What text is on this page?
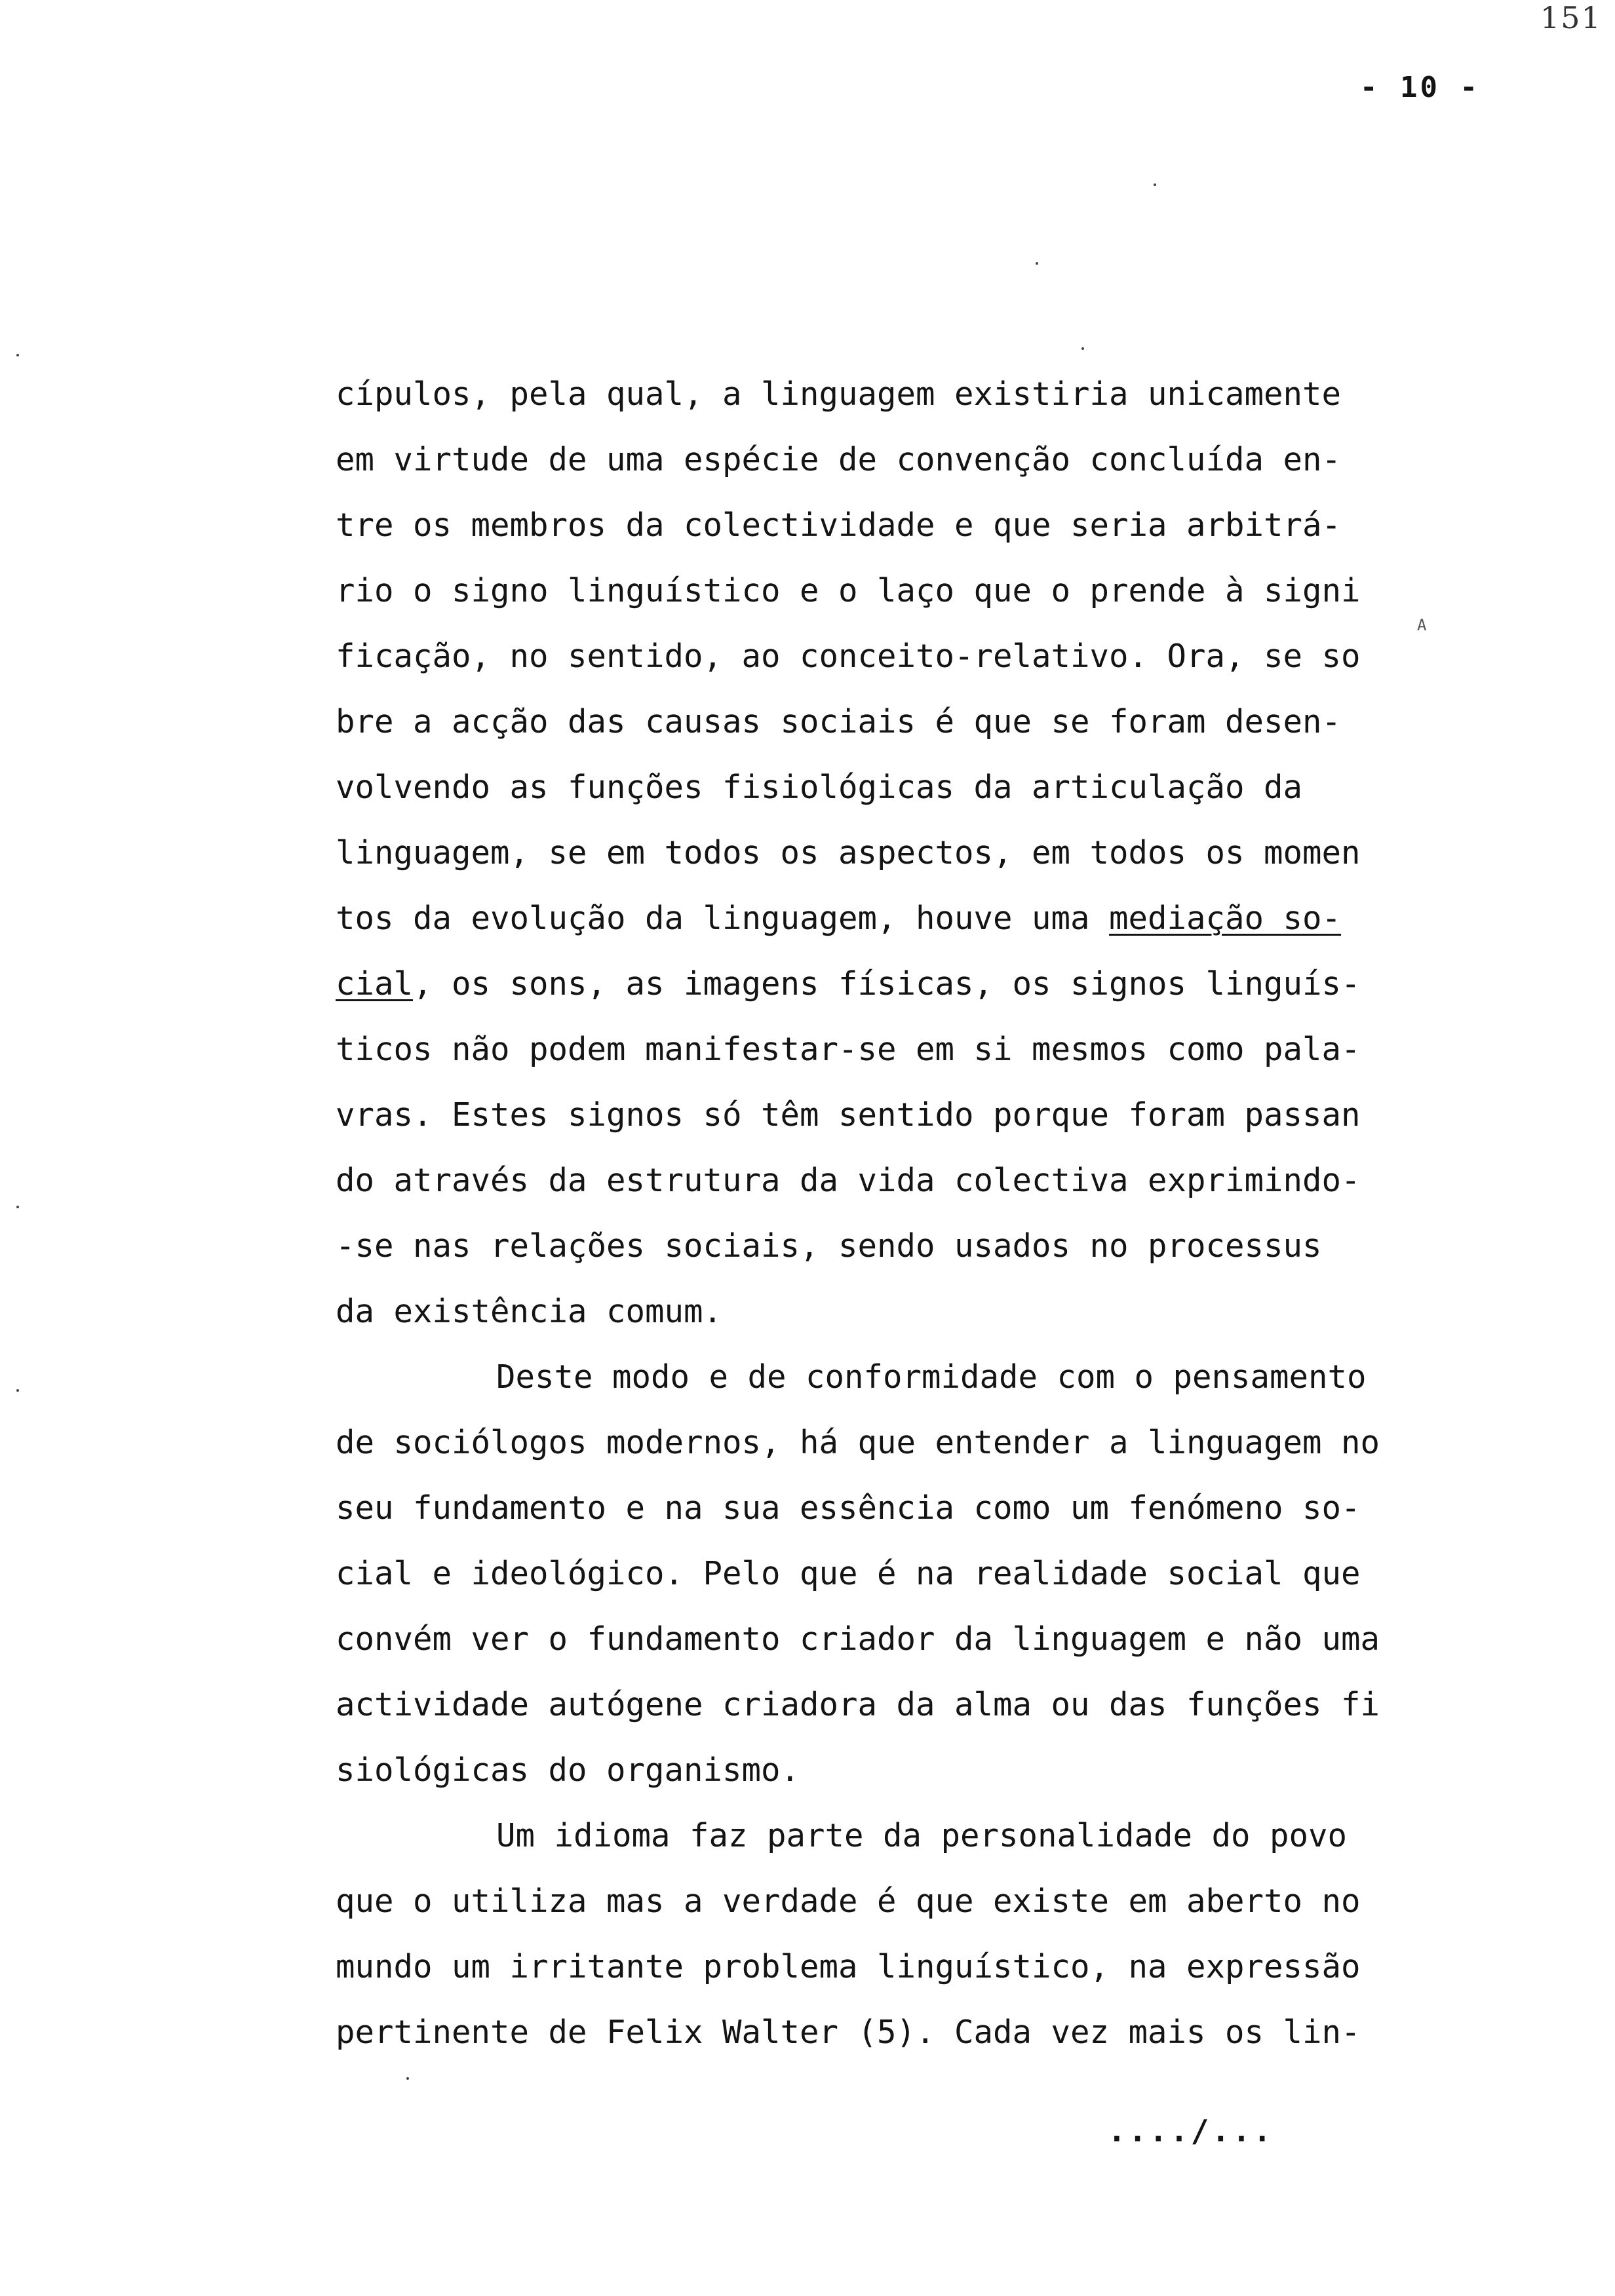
151
- 10 -
A
cípulos, pela qual, a linguagem existiria unicamente
em virtude de uma espécie de convenção concluída en-
tre os membros da colectividade e que seria arbitrá-
rio o signo linguístico e o laço que o prende à signi
ficação, no sentido, ao conceito-relativo. Ora, se so
bre a acção das causas sociais é que se foram desen-
volvendo as funções fisiológicas da articulação da
linguagem, se em todos os aspectos, em todos os momen
tos da evolução da linguagem, houve uma mediação so-
cial, os sons, as imagens físicas, os signos linguís-
ticos não podem manifestar-se em si mesmos como pala-
vras. Estes signos só têm sentido porque foram passan
do através da estrutura da vida colectiva exprimindo-
-se nas relações sociais, sendo usados no processus
da existência comum.
Deste modo e de conformidade com o pensamento
de sociólogos modernos, há que entender a linguagem no
seu fundamento e na sua essência como um fenómeno so-
cial e ideológico. Pelo que é na realidade social que
convém ver o fundamento criador da linguagem e não uma
actividade autógene criadora da alma ou das funções fi
siológicas do organismo.
Um idioma faz parte da personalidade do povo
que o utiliza mas a verdade é que existe em aberto no
mundo um irritante problema linguístico, na expressão
pertinente de Felix Walter (5). Cada vez mais os lin-
..../...
